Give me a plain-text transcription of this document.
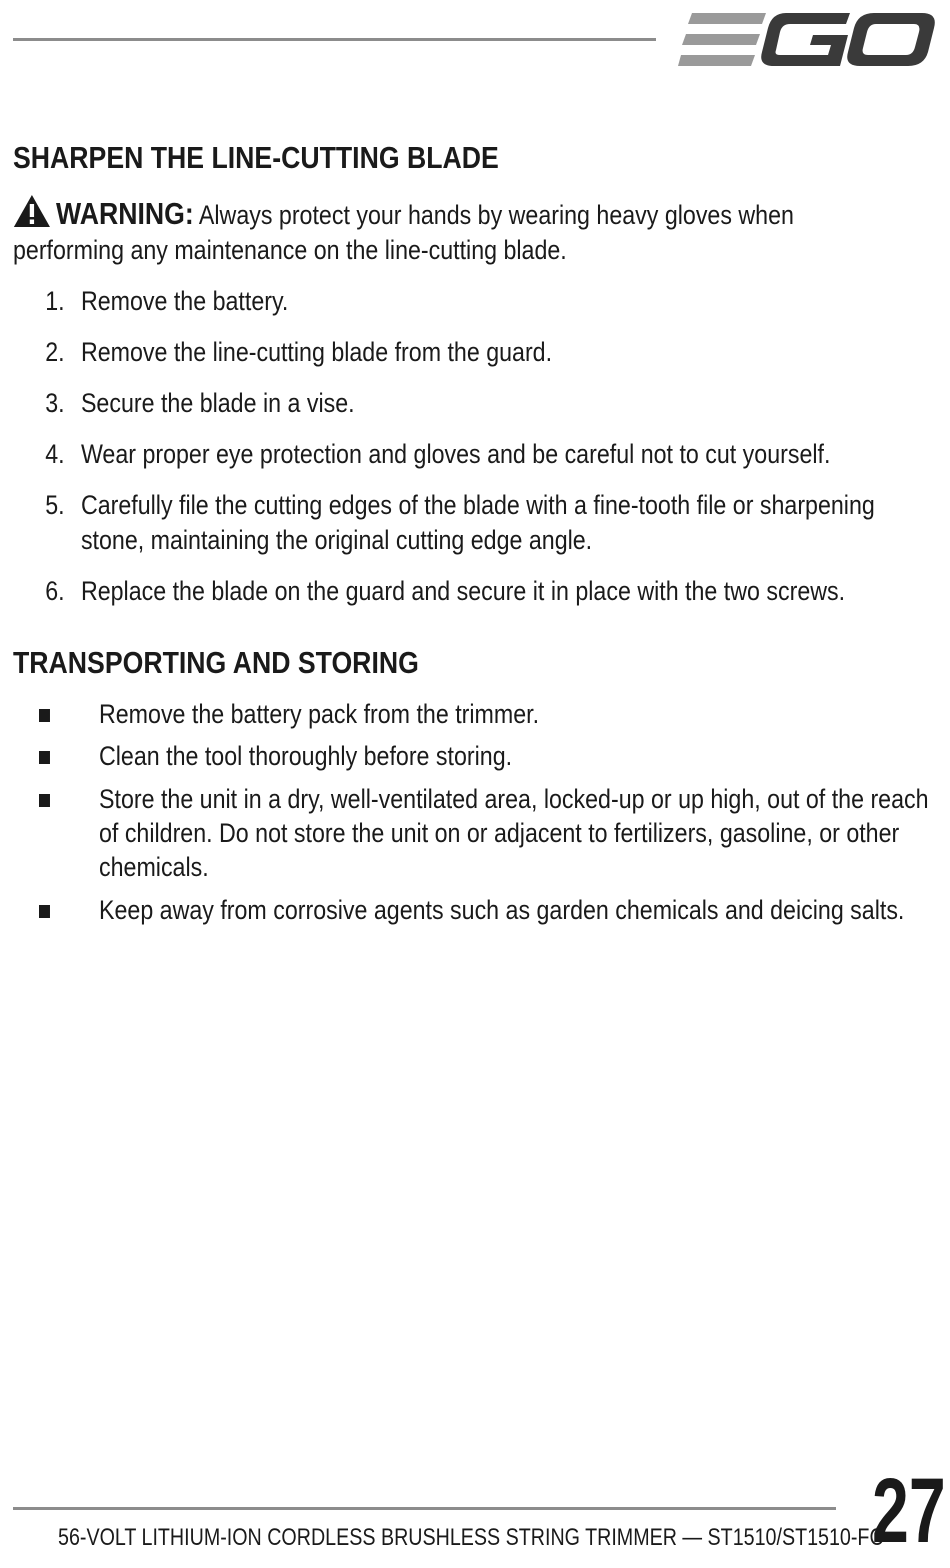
SHARPEN THE LINE-CUTTING BLADE
WARNING: Always protect your hands by wearing heavy gloves when
performing any maintenance on the line-cutting blade.
1. Remove the battery.
2. Remove the line-cutting blade from the guard.
3. Secure the blade in a vise.
4. Wear proper eye protection and gloves and be careful not to cut yourself.
5. Carefully file the cutting edges of the blade with a fine-tooth file or sharpening
stone, maintaining the original cutting edge angle.
6. Replace the blade on the guard and secure it in place with the two screws.
TRANSPORTING AND STORING
Remove the battery pack from the trimmer.
Clean the tool thoroughly before storing.
Store the unit in a dry, well-ventilated area, locked-up or up high, out of the reach
of children. Do not store the unit on or adjacent to fertilizers, gasoline, or other
chemicals.
Keep away from corrosive agents such as garden chemicals and deicing salts.
56-VOLT LITHIUM-ION CORDLESS BRUSHLESS STRING TRIMMER — ST1510/ST1510-FC
27
